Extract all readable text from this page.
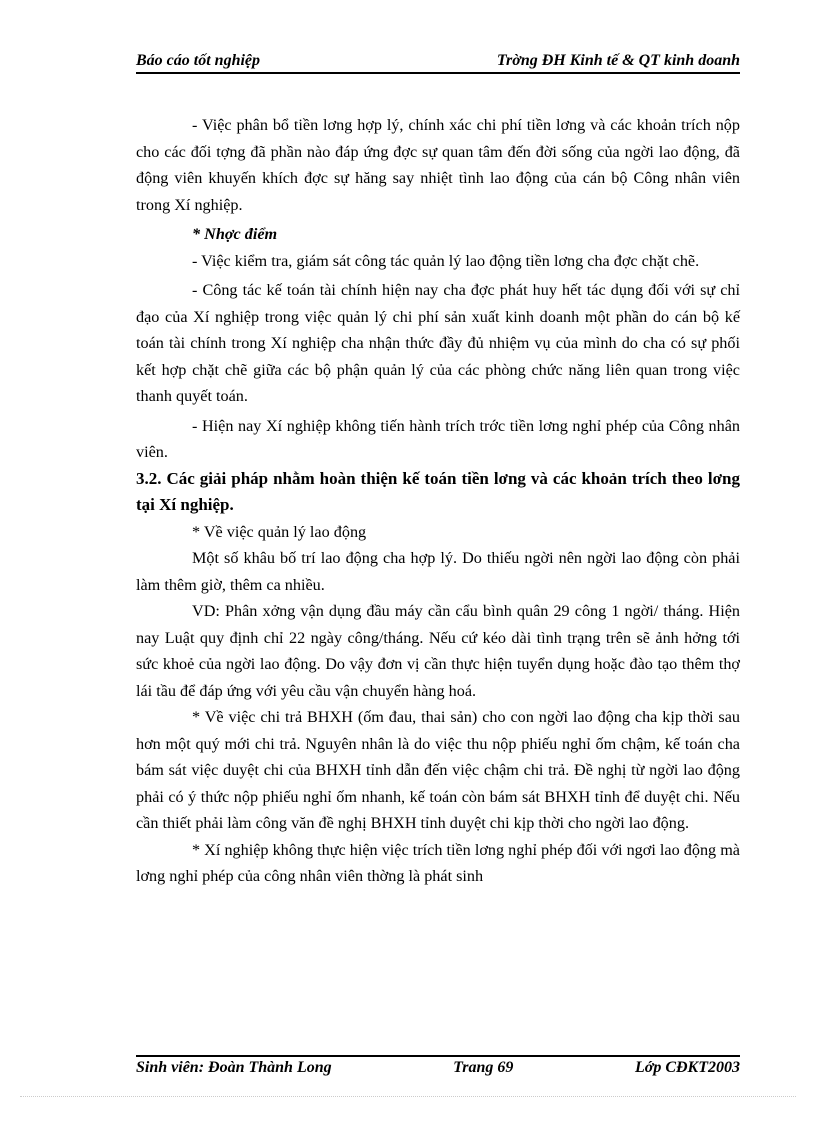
Báo cáo tốt nghiệp	Trờng ĐH Kinh tế & QT kinh doanh

- Việc phân bổ tiền lơng hợp lý, chính xác chi phí tiền lơng và các khoản trích nộp cho các đối tợng đã phần nào đáp ứng đợc sự quan tâm đến đời sống của ngời lao động, đã động viên khuyến khích đợc sự hăng say nhiệt tình lao động của cán bộ Công nhân viên trong Xí nghiệp.

* Nhợc điểm

- Việc kiểm tra, giám sát công tác quản lý lao động tiền lơng cha đợc chặt chẽ.

- Công tác kế toán tài chính hiện nay cha đợc phát huy hết tác dụng đối với sự chỉ đạo của Xí nghiệp trong việc quản lý chi phí sản xuất kinh doanh một phần do cán bộ kế toán tài chính trong Xí nghiệp cha nhận thức đầy đủ nhiệm vụ của mình do cha có sự phối kết hợp chặt chẽ giữa các bộ phận quản lý của các phòng chức năng liên quan trong việc thanh quyết toán.

- Hiện nay Xí nghiệp không tiến hành trích trớc tiền lơng nghỉ phép của Công nhân viên.

3.2. Các giải pháp nhằm hoàn thiện kế toán tiền lơng và các khoản trích theo lơng tại Xí nghiệp.

* Về việc quản lý lao động

Một số khâu bố trí lao động cha hợp lý. Do thiếu ngời nên ngời lao động còn phải làm thêm giờ, thêm ca nhiều.

VD: Phân xởng vận dụng đầu máy cần cẩu bình quân 29 công 1 ngời/ tháng. Hiện nay Luật quy định chỉ 22 ngày công/tháng. Nếu cứ kéo dài tình trạng trên sẽ ảnh hởng tới sức khoẻ của ngời lao động. Do vậy đơn vị cần thực hiện tuyển dụng hoặc đào tạo thêm thợ lái tầu để đáp ứng với yêu cầu vận chuyển hàng hoá.

* Về việc chi trả BHXH (ốm đau, thai sản) cho con ngời lao động cha kịp thời sau hơn một quý mới chi trả. Nguyên nhân là do việc thu nộp phiếu nghỉ ốm chậm, kế toán cha bám sát việc duyệt chi của BHXH tỉnh dẫn đến việc chậm chi trả. Đề nghị từ ngời lao động phải có ý thức nộp phiếu nghỉ ốm nhanh, kế toán còn bám sát BHXH tỉnh để duyệt chi. Nếu cần thiết phải làm công văn đề nghị BHXH tỉnh duyệt chi kịp thời cho ngời lao động.

* Xí nghiệp không thực hiện việc trích tiền lơng nghỉ phép đối với ngơi lao động mà lơng nghỉ phép của công nhân viên thờng là phát sinh

Sinh viên: Đoàn Thành Long	Trang 69	Lớp CĐKT2003
